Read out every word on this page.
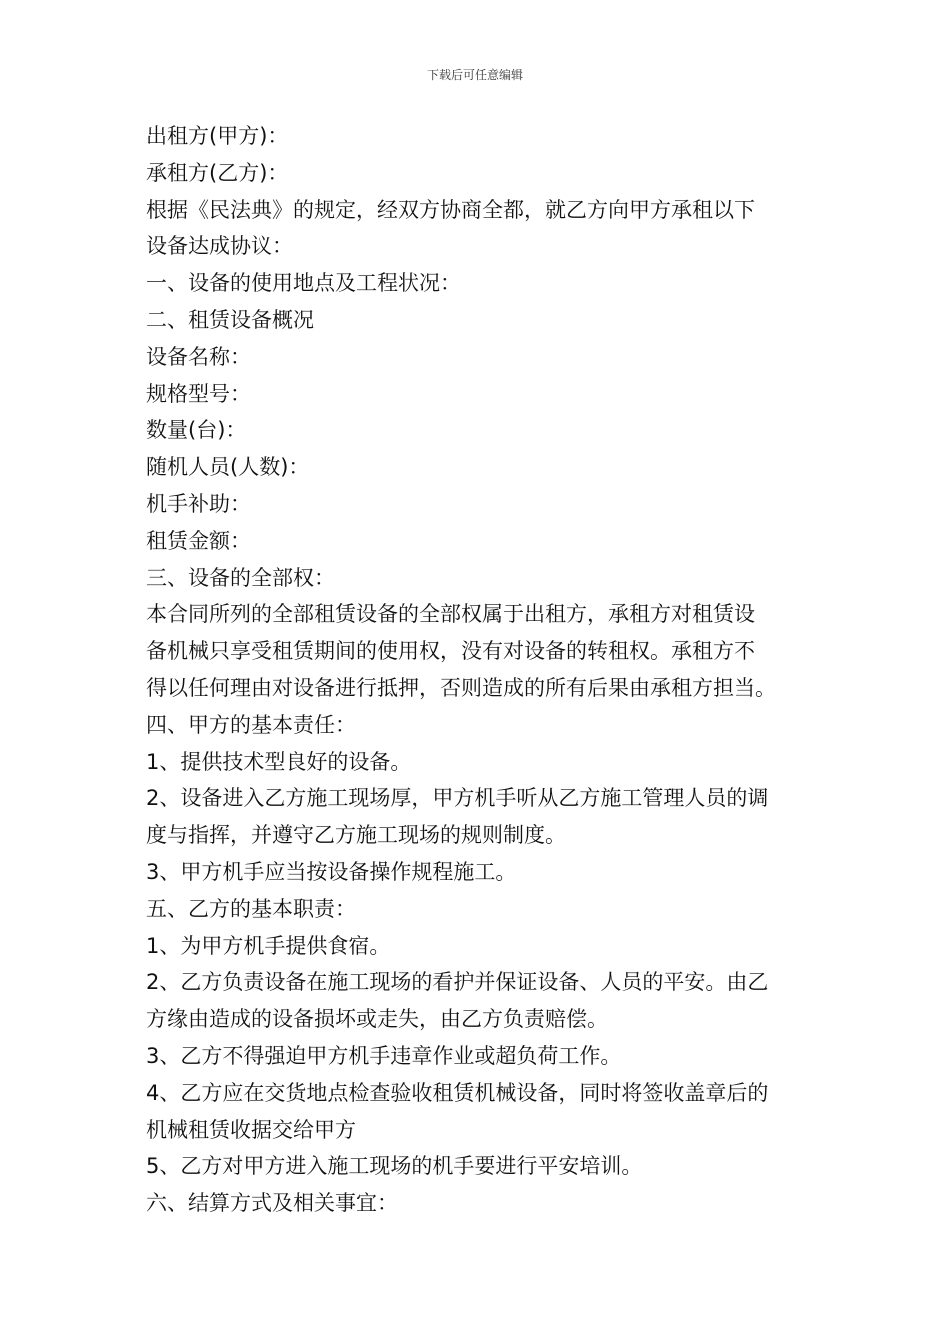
下载后可任意编辑
出租方(甲方)：
承租方(乙方)：
根据《民法典》的规定，经双方协商全都，就乙方向甲方承租以下
设备达成协议：
一、设备的使用地点及工程状况：
二、租赁设备概况
设备名称：
规格型号：
数量(台)：
随机人员(人数)：
机手补助：
租赁金额：
三、设备的全部权：
本合同所列的全部租赁设备的全部权属于出租方，承租方对租赁设
备机械只享受租赁期间的使用权，没有对设备的转租权。承租方不
得以任何理由对设备进行抵押，否则造成的所有后果由承租方担当。
四、甲方的基本责任：
1、提供技术型良好的设备。
2、设备进入乙方施工现场厚，甲方机手听从乙方施工管理人员的调
度与指挥，并遵守乙方施工现场的规则制度。
3、甲方机手应当按设备操作规程施工。
五、乙方的基本职责：
1、为甲方机手提供食宿。
2、乙方负责设备在施工现场的看护并保证设备、人员的平安。由乙
方缘由造成的设备损坏或走失，由乙方负责赔偿。
3、乙方不得强迫甲方机手违章作业或超负荷工作。
4、乙方应在交货地点检查验收租赁机械设备，同时将签收盖章后的
机械租赁收据交给甲方
5、乙方对甲方进入施工现场的机手要进行平安培训。
六、结算方式及相关事宜：
